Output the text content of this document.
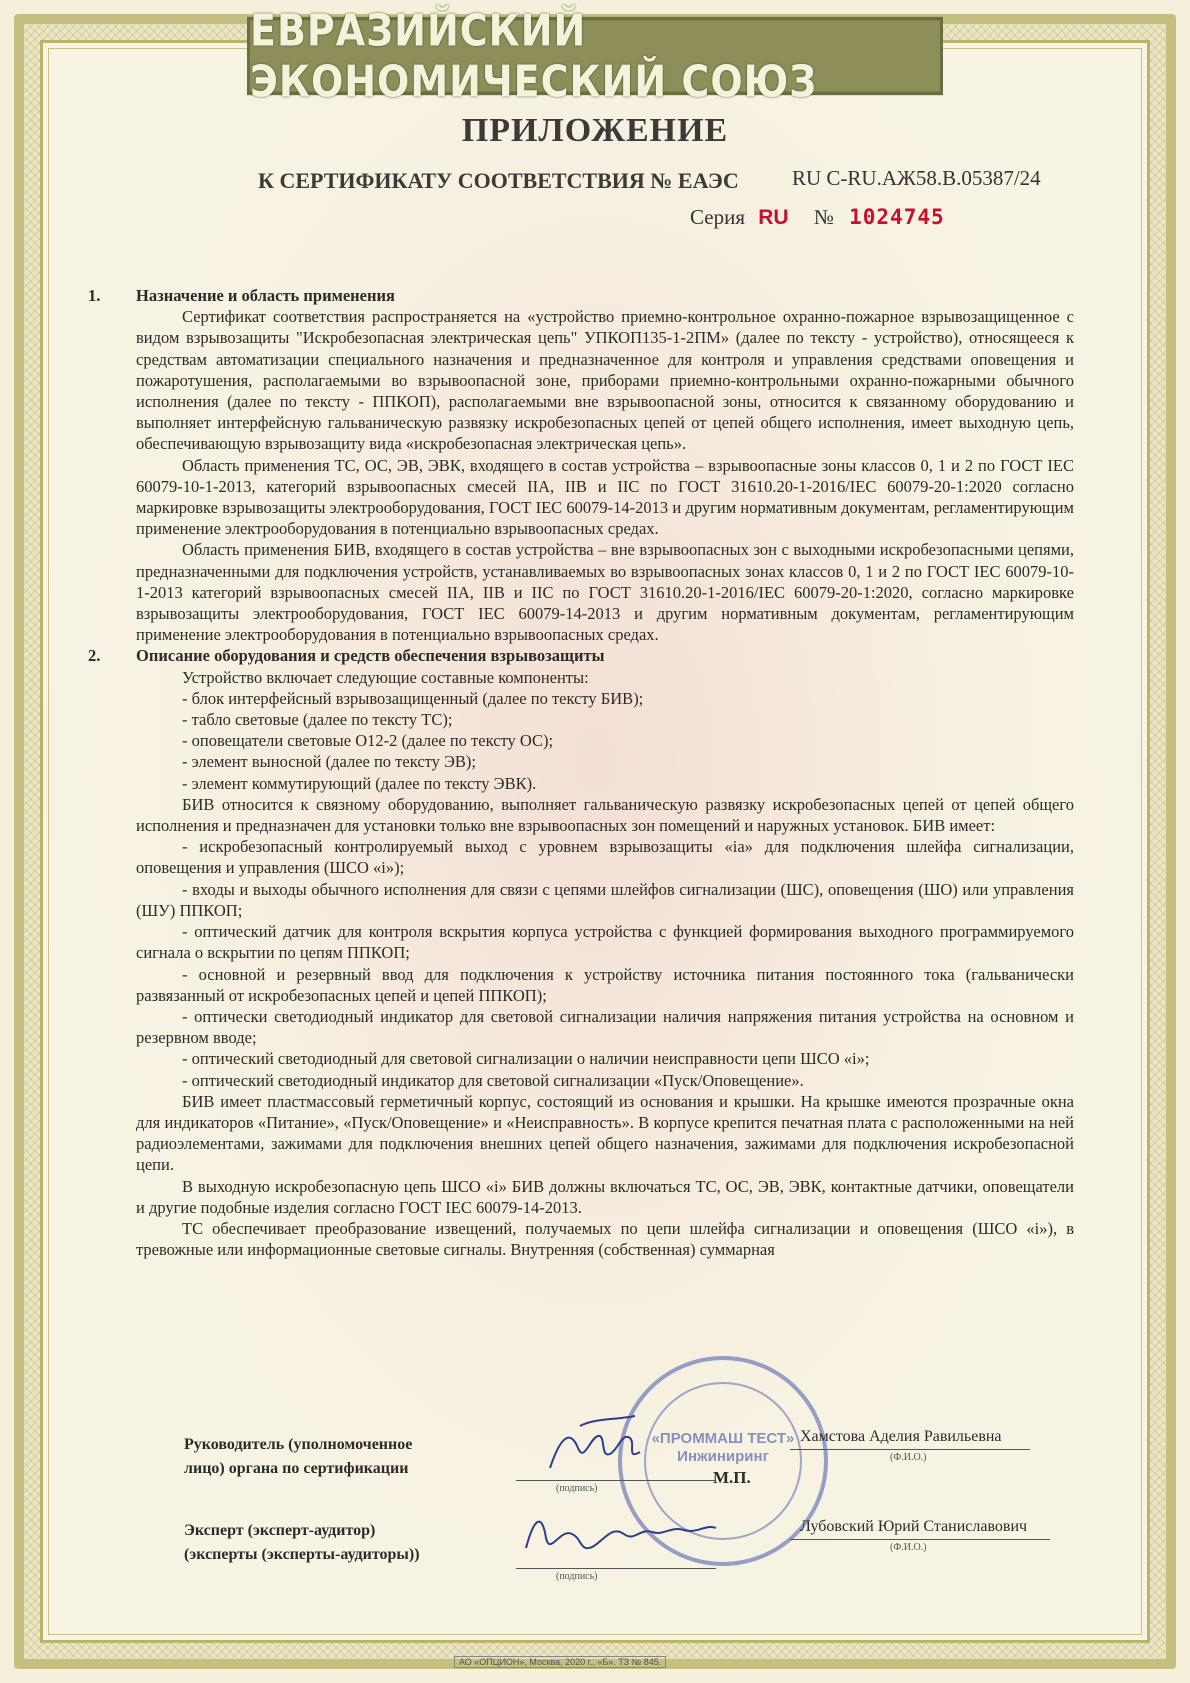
ЕВРАЗИЙСКИЙ ЭКОНОМИЧЕСКИЙ СОЮЗ
ПРИЛОЖЕНИЕ
К СЕРТИФИКАТУ СООТВЕТСТВИЯ № ЕАЭС	RU C-RU.АЖ58.В.05387/24
Серия RU № 1024745
1. Назначение и область применения

Сертификат соответствия распространяется на «устройство приемно-контрольное охранно-пожарное взрывозащищенное с видом взрывозащиты "Искробезопасная электрическая цепь" УПКОП135-1-2ПМ» (далее по тексту - устройство), относящееся к средствам автоматизации специального назначения и предназначенное для контроля и управления средствами оповещения и пожаротушения, располагаемыми во взрывоопасной зоне, приборами приемно-контрольными охранно-пожарными обычного исполнения (далее по тексту - ППКОП), располагаемыми вне взрывоопасной зоны, относится к связанному оборудованию и выполняет интерфейсную гальваническую развязку искробезопасных цепей от цепей общего исполнения, имеет выходную цепь, обеспечивающую взрывозащиту вида «искробезопасная электрическая цепь».

Область применения ТС, ОС, ЭВ, ЭВК, входящего в состав устройства – взрывоопасные зоны классов 0, 1 и 2 по ГОСТ IEC 60079-10-1-2013, категорий взрывоопасных смесей IIA, IIB и IIC по ГОСТ 31610.20-1-2016/IEC 60079-20-1:2020 согласно маркировке взрывозащиты электрооборудования, ГОСТ IEC 60079-14-2013 и другим нормативным документам, регламентирующим применение электрооборудования в потенциально взрывоопасных средах.

Область применения БИВ, входящего в состав устройства – вне взрывоопасных зон с выходными искробезопасными цепями, предназначенными для подключения устройств, устанавливаемых во взрывоопасных зонах классов 0, 1 и 2 по ГОСТ IEC 60079-10-1-2013 категорий взрывоопасных смесей IIA, IIB и IIC по ГОСТ 31610.20-1-2016/IEC 60079-20-1:2020, согласно маркировке взрывозащиты электрооборудования, ГОСТ IEC 60079-14-2013 и другим нормативным документам, регламентирующим применение электрооборудования в потенциально взрывоопасных средах.

2. Описание оборудования и средств обеспечения взрывозащиты

Устройство включает следующие составные компоненты:

- блок интерфейсный взрывозащищенный (далее по тексту БИВ);

- табло световые (далее по тексту ТС);

- оповещатели световые О12-2 (далее по тексту ОС);

- элемент выносной (далее по тексту ЭВ);

- элемент коммутирующий (далее по тексту ЭВК).

БИВ относится к связному оборудованию, выполняет гальваническую развязку искробезопасных цепей от цепей общего исполнения и предназначен для установки только вне взрывоопасных зон помещений и наружных установок. БИВ имеет:

- искробезопасный контролируемый выход с уровнем взрывозащиты «ia» для подключения шлейфа сигнализации, оповещения и управления (ШСО «i»);

- входы и выходы обычного исполнения для связи с цепями шлейфов сигнализации (ШС), оповещения (ШО) или управления (ШУ) ППКОП;

- оптический датчик для контроля вскрытия корпуса устройства с функцией формирования выходного программируемого сигнала о вскрытии по цепям ППКОП;

- основной и резервный ввод для подключения к устройству источника питания постоянного тока (гальванически развязанный от искробезопасных цепей и цепей ППКОП);

- оптически светодиодный индикатор для световой сигнализации наличия напряжения питания устройства на основном и резервном вводе;

- оптический светодиодный для световой сигнализации о наличии неисправности цепи ШСО «i»;

- оптический светодиодный индикатор для световой сигнализации «Пуск/Оповещение».

БИВ имеет пластмассовый герметичный корпус, состоящий из основания и крышки. На крышке имеются прозрачные окна для индикаторов «Питание», «Пуск/Оповещение» и «Неисправность». В корпусе крепится печатная плата с расположенными на ней радиоэлементами, зажимами для подключения внешних цепей общего назначения, зажимами для подключения искробезопасной цепи.

В выходную искробезопасную цепь ШСО «i» БИВ должны включаться ТС, ОС, ЭВ, ЭВК, контактные датчики, оповещатели и другие подобные изделия согласно ГОСТ IEC 60079-14-2013.

ТС обеспечивает преобразование извещений, получаемых по цепи шлейфа сигнализации и оповещения (ШСО «i»), в тревожные или информационные световые сигналы. Внутренняя (собственная) суммарная

«ПРОММАШ ТЕСТ» Инжиниринг
Руководитель (уполномоченное
лицо) органа по сертификации
(подпись)
М.П.
Хамстова Аделия Равильевна
(Ф.И.О.)
Эксперт (эксперт-аудитор)
(эксперты (эксперты-аудиторы))
(подпись)
Лубовский Юрий Станиславович
(Ф.И.О.)
АО «ОПЦИОН», Москва, 2020 г., «Б». ТЗ № 845.
